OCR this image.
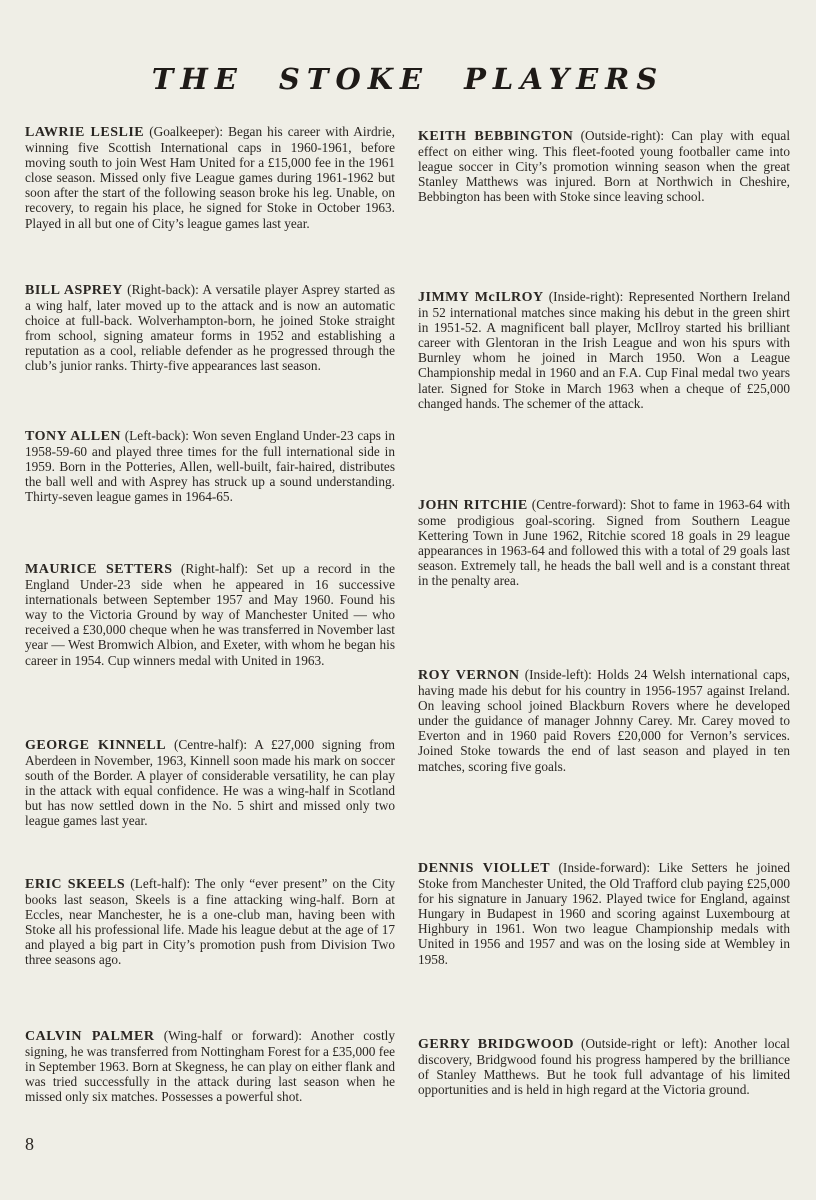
THE STOKE PLAYERS

LAWRIE LESLIE (Goalkeeper): Began his career with Airdrie, winning five Scottish International caps in 1960-1961, before moving south to join West Ham United for a £15,000 fee in the 1961 close season. Missed only five League games during 1961-1962 but soon after the start of the following season broke his leg. Unable, on recovery, to regain his place, he signed for Stoke in October 1963. Played in all but one of City’s league games last year.

BILL ASPREY (Right-back): A versatile player Asprey started as a wing half, later moved up to the attack and is now an automatic choice at full-back. Wolverhampton-born, he joined Stoke straight from school, signing amateur forms in 1952 and establishing a reputation as a cool, reliable defender as he progressed through the club’s junior ranks. Thirty-five appearances last season.

TONY ALLEN (Left-back): Won seven England Under-23 caps in 1958-59-60 and played three times for the full international side in 1959. Born in the Potteries, Allen, well-built, fair-haired, distributes the ball well and with Asprey has struck up a sound understanding. Thirty-seven league games in 1964-65.

MAURICE SETTERS (Right-half): Set up a record in the England Under-23 side when he appeared in 16 successive internationals between September 1957 and May 1960. Found his way to the Victoria Ground by way of Manchester United — who received a £30,000 cheque when he was transferred in November last year — West Bromwich Albion, and Exeter, with whom he began his career in 1954. Cup winners medal with United in 1963.

GEORGE KINNELL (Centre-half): A £27,000 signing from Aberdeen in November, 1963, Kinnell soon made his mark on soccer south of the Border. A player of considerable versatility, he can play in the attack with equal confidence. He was a wing-half in Scotland but has now settled down in the No. 5 shirt and missed only two league games last year.

ERIC SKEELS (Left-half): The only “ever present” on the City books last season, Skeels is a fine attacking wing-half. Born at Eccles, near Manchester, he is a one-club man, having been with Stoke all his professional life. Made his league debut at the age of 17 and played a big part in City’s promotion push from Division Two three seasons ago.

CALVIN PALMER (Wing-half or forward): Another costly signing, he was transferred from Nottingham Forest for a £35,000 fee in September 1963. Born at Skegness, he can play on either flank and was tried successfully in the attack during last season when he missed only six matches. Possesses a powerful shot.

KEITH BEBBINGTON (Outside-right): Can play with equal effect on either wing. This fleet-footed young footballer came into league soccer in City’s promotion winning season when the great Stanley Matthews was injured. Born at Northwich in Cheshire, Bebbington has been with Stoke since leaving school.

JIMMY McILROY (Inside-right): Represented Northern Ireland in 52 international matches since making his debut in the green shirt in 1951-52. A magnificent ball player, McIlroy started his brilliant career with Glentoran in the Irish League and won his spurs with Burnley whom he joined in March 1950. Won a League Championship medal in 1960 and an F.A. Cup Final medal two years later. Signed for Stoke in March 1963 when a cheque of £25,000 changed hands. The schemer of the attack.

JOHN RITCHIE (Centre-forward): Shot to fame in 1963-64 with some prodigious goal-scoring. Signed from Southern League Kettering Town in June 1962, Ritchie scored 18 goals in 29 league appearances in 1963-64 and followed this with a total of 29 goals last season. Extremely tall, he heads the ball well and is a constant threat in the penalty area.

ROY VERNON (Inside-left): Holds 24 Welsh international caps, having made his debut for his country in 1956-1957 against Ireland. On leaving school joined Blackburn Rovers where he developed under the guidance of manager Johnny Carey. Mr. Carey moved to Everton and in 1960 paid Rovers £20,000 for Vernon’s services. Joined Stoke towards the end of last season and played in ten matches, scoring five goals.

DENNIS VIOLLET (Inside-forward): Like Setters he joined Stoke from Manchester United, the Old Trafford club paying £25,000 for his signature in January 1962. Played twice for England, against Hungary in Budapest in 1960 and scoring against Luxembourg at Highbury in 1961. Won two league Championship medals with United in 1956 and 1957 and was on the losing side at Wembley in 1958.

GERRY BRIDGWOOD (Outside-right or left): Another local discovery, Bridgwood found his progress hampered by the brilliance of Stanley Matthews. But he took full advantage of his limited opportunities and is held in high regard at the Victoria ground.

8
